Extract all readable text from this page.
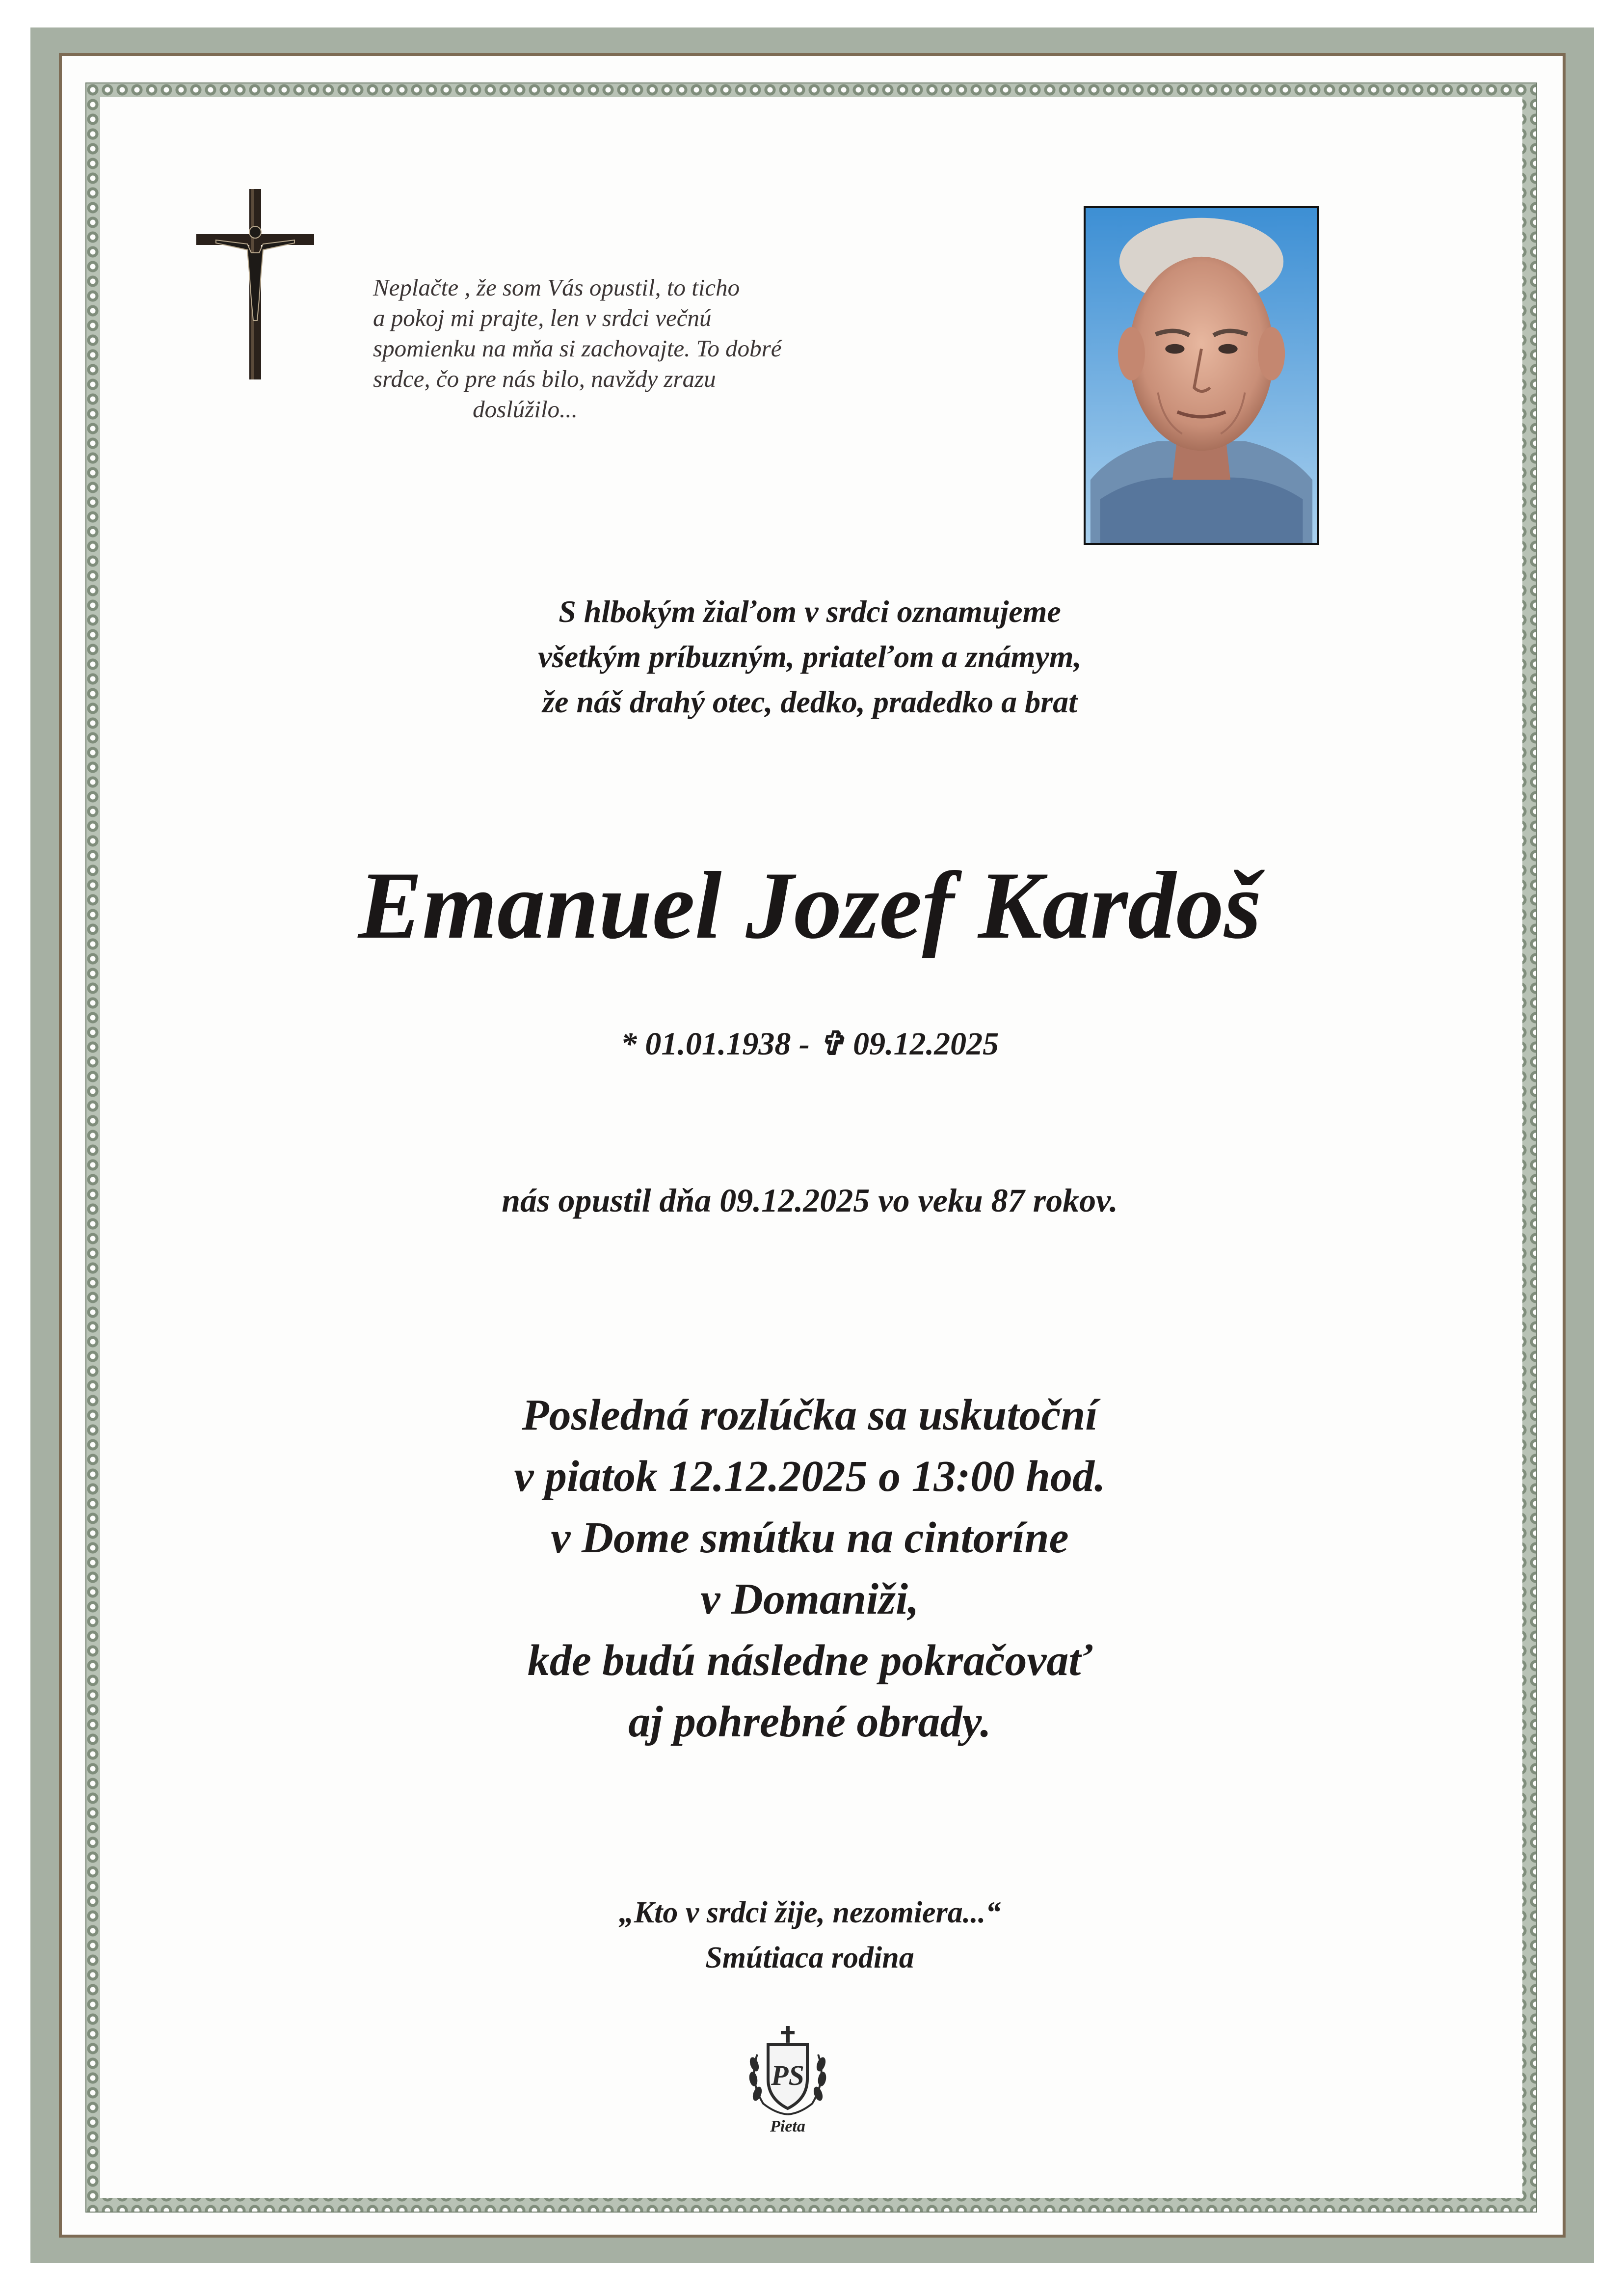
Neplačte , že som Vás opustil, to ticho
a pokoj mi prajte, len v srdci večnú
spomienku na mňa si zachovajte. To dobré
srdce, čo pre nás bilo, navždy zrazu
doslúžilo...
S hlbokým žiaľom v srdci oznamujeme
všetkým príbuzným, priateľom a známym,
že náš drahý otec, dedko, pradedko a brat
Emanuel Jozef Kardoš
* 01.01.1938 - ✞ 09.12.2025
nás opustil dňa 09.12.2025 vo veku 87 rokov.
Posledná rozlúčka sa uskutoční
v piatok 12.12.2025 o 13:00 hod.
v Dome smútku na cintoríne
v Domaniži,
kde budú následne pokračovať
aj pohrebné obrady.
„Kto v srdci žije, nezomiera...“
Smútiaca rodina
PS
Pieta
